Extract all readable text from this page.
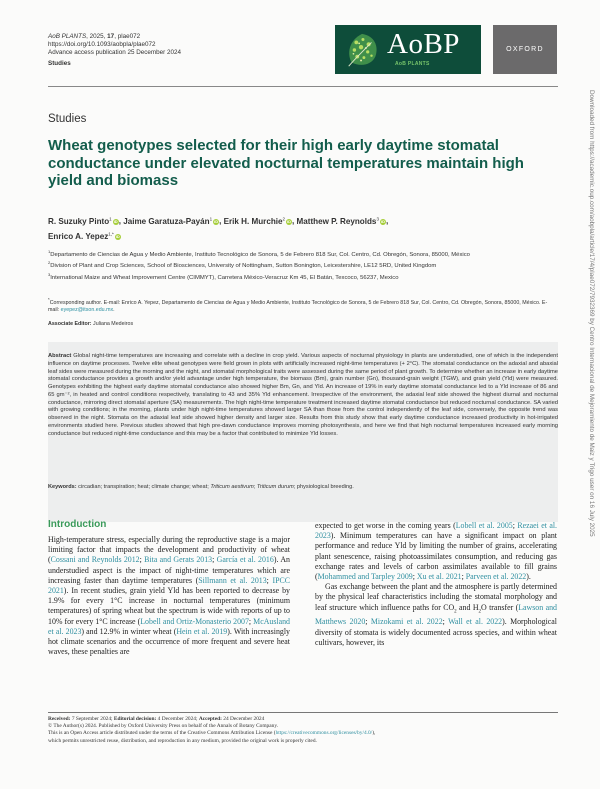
AoB PLANTS, 2025, 17, plae072
https://doi.org/10.1093/aobpla/plae072
Advance access publication 25 December 2024
Studies
AoBP
AoB PLANTS
OXFORD
Downloaded from https://academic.oup.com/aobpla/article/17/4/plae072/7932369 by Centro Internacional de Mejoramiento de Maiz y Trigo user on 16 July 2025
Studies
Wheat genotypes selected for their high early daytime stomatal conductance under elevated nocturnal temperatures maintain high yield and biomass
R. Suzuky Pinto$^1$iD, Jaime Garatuza-Payán$^1$iD, Erik H. Murchie$^2$iD, Matthew P. Reynolds$^3$iD,
Enrico A. Yepez$^{1,*}$iD
$^1$Departamento de Ciencias de Agua y Medio Ambiente, Instituto Tecnológico de Sonora, 5 de Febrero 818 Sur, Col. Centro, Cd. Obregón, Sonora, 85000, México
$^2$Division of Plant and Crop Sciences, School of Biosciences, University of Nottingham, Sutton Bonington, Leicestershire, LE12 5RD, United Kingdom
$^3$International Maize and Wheat Improvement Centre (CIMMYT), Carretera México-Veracruz Km 45, El Batán, Texcoco, 56237, Mexico
*Corresponding author. E-mail: Enrico A. Yepez, Departamento de Ciencias de Agua y Medio Ambiente, Instituto Tecnológico de Sonora, 5 de Febrero 818 Sur, Col. Centro, Cd. Obregón, Sonora, 85000, México. E-mail: eyepez@itson.edu.mx.
Associate Editor: Juliana Medeiros
Abstract Global night-time temperatures are increasing and correlate with a decline in crop yield. Various aspects of nocturnal physiology in plants are understudied, one of which is the independent influence on daytime processes. Twelve elite wheat genotypes were field grown in plots with artificially increased night-time temperatures (+ 2°C). The stomatal conductance on the adaxial and abaxial leaf sides were measured during the morning and the night, and stomatal morphological traits were assessed during the same period of plant growth. To determine whether an increase in early daytime stomatal conductance provides a growth and/or yield advantage under high temperature, the biomass (Bm), grain number (Gn), thousand-grain weight (TGW), and grain yield (Yld) were measured. Genotypes exhibiting the highest early daytime stomatal conductance also showed higher Bm, Gn, and Yld. An increase of 19% in early daytime stomatal conductance led to a Yld increase of 86 and 65 gm⁻², in heated and control conditions respectively, translating to 43 and 35% Yld enhancement. Irrespective of the environment, the adaxial leaf side showed the highest diurnal and nocturnal conductance, mirroring direct stomatal aperture (SA) measurements. The high night-time temperature treatment increased daytime stomatal conductance but reduced nocturnal conductance. SA varied with growing conditions; in the morning, plants under high night-time temperatures showed larger SA than those from the control independently of the leaf side, conversely, the opposite trend was observed in the night. Stomata on the adaxial leaf side showed higher density and larger size. Results from this study show that early daytime conductance increased productivity in hot-irrigated environments studied here. Previous studies showed that high pre-dawn conductance improves morning photosynthesis, and here we find that high nocturnal temperatures increased early morning conductance but reduced night-time conductance and this may be a factor that contributed to minimize Yld losses.
Keywords: circadian; transpiration; heat; climate change; wheat; Triticum aestivum; Triticum durum; physiological breeding.
Introduction

High-temperature stress, especially during the reproductive stage is a major limiting factor that impacts the development and productivity of wheat (Cossani and Reynolds 2012; Bita and Gerats 2013; García et al. 2016). An understudied aspect is the impact of night-time temperatures which are increasing faster than daytime temperatures (Sillmann et al. 2013; IPCC 2021). In recent studies, grain yield Yld has been reported to decrease by 1.9% for every 1°C increase in nocturnal temperatures (minimum temperatures) of spring wheat but the spectrum is wide with reports of up to 10% for every 1°C increase (Lobell and Ortiz-Monasterio 2007; McAusland et al. 2023) and 12.9% in winter wheat (Hein et al. 2019). With increasingly hot climate scenarios and the occurrence of more frequent and severe heat waves, these penalties are

expected to get worse in the coming years (Lobell et al. 2005; Rezaei et al. 2023). Minimum temperatures can have a significant impact on plant performance and reduce Yld by limiting the number of grains, accelerating plant senescence, raising photoassimilates consumption, and reducing gas exchange rates and levels of carbon assimilates available to fill grains (Mohammed and Tarpley 2009; Xu et al. 2021; Parveen et al. 2022).
Gas exchange between the plant and the atmosphere is partly determined by the physical leaf characteristics including the stomatal morphology and leaf structure which influence paths for $CO_2$ and $H_2O$ transfer (Lawson and Matthews 2020; Mizokami et al. 2022; Wall et al. 2022). Morphological diversity of stomata is widely documented across species, and within wheat cultivars, however, its

Received: 7 September 2024; Editorial decision: 4 December 2024; Accepted: 24 December 2024
© The Author(s) 2024. Published by Oxford University Press on behalf of the Annals of Botany Company.
This is an Open Access article distributed under the terms of the Creative Commons Attribution License (https://creativecommons.org/licenses/by/4.0/),
which permits unrestricted reuse, distribution, and reproduction in any medium, provided the original work is properly cited.
